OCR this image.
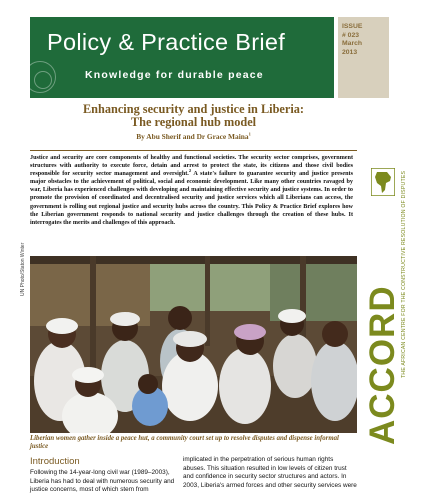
Policy & Practice Brief
Knowledge for durable peace
ISSUE
# 023
March
2013
Enhancing security and justice in Liberia:
The regional hub model
By Abu Sherif and Dr Grace Maina$^1$
Justice and security are core components of healthy and functional societies. The security sector comprises, government structures with authority to execute force, detain and arrest to protect the state, its citizens and those civil bodies responsible for security sector management and oversight.$^2$ A state's failure to guarantee security and justice presents major obstacles to the achievement of political, social and economic development. Like many other countries ravaged by war, Liberia has experienced challenges with developing and maintaining effective security and justice systems. In order to promote the provision of coordinated and decentralised security and justice services which all Liberians can access, the government is rolling out regional justice and security hubs across the country. This Policy & Practice Brief explores how the Liberian government responds to national security and justice challenges through the creation of these hubs. It interrogates the merits and challenges of this approach.
UN Photo/Staton Winter
Liberian women gather inside a peace hut, a community court set up to resolve disputes and dispense informal justice
ACCORD THE AFRICAN CENTRE FOR THE CONSTRUCTIVE RESOLUTION OF DISPUTES
Introduction
Following the 14-year-long civil war (1989–2003), Liberia has had to deal with numerous security and justice concerns, most of which stem from
implicated in the perpetration of serious human rights abuses. This situation resulted in low levels of citizen trust and confidence in security sector structures and actors. In 2003, Liberia's armed forces and other security services were
